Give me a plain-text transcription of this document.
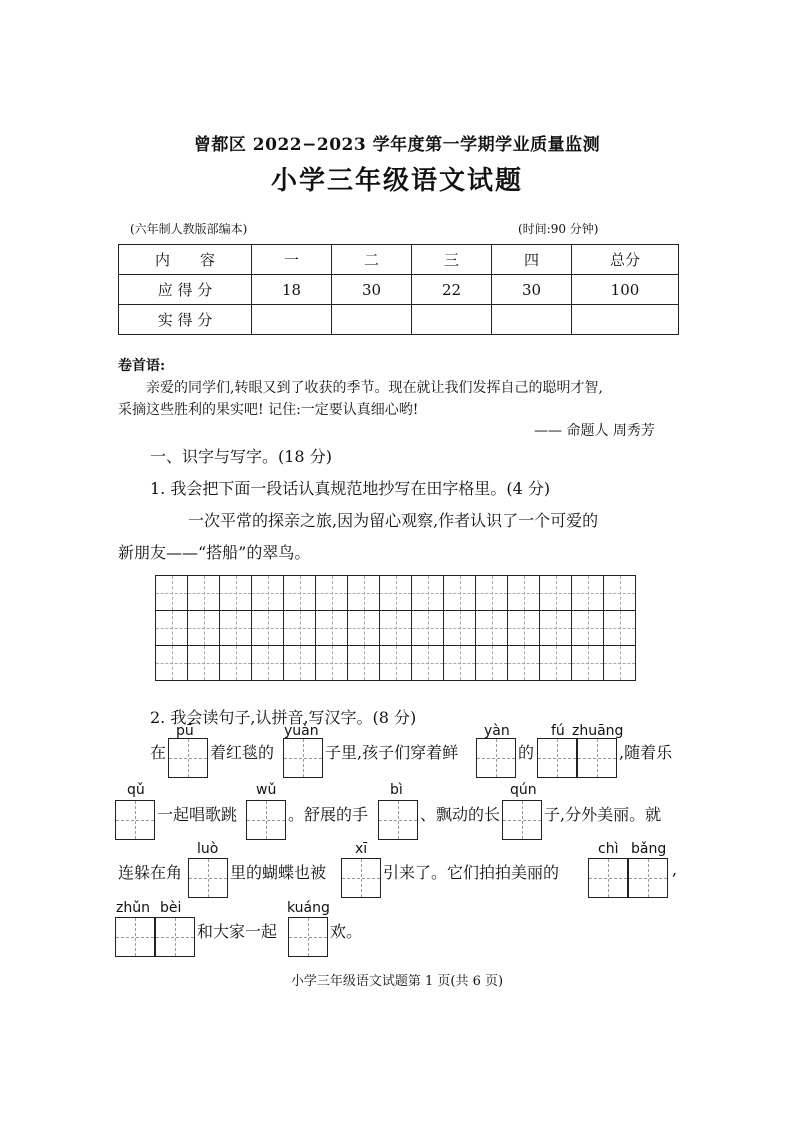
曾都区 2022−2023 学年度第一学期学业质量监测
小学三年级语文试题
(六年制人教版部编本)	(时间:90 分钟)
内　　容	一	二	三	四	总分
应 得 分	18	30	22	30	100
实 得 分					
卷首语:
亲爱的同学们,转眼又到了收获的季节。现在就让我们发挥自己的聪明才智,
采摘这些胜利的果实吧! 记住:一定要认真细心哟!
—— 命题人 周秀芳
一、识字与写字。(18 分)
1. 我会把下面一段话认真规范地抄写在田字格里。(4 分)
一次平常的探亲之旅,因为留心观察,作者认识了一个可爱的
新朋友——“搭船”的翠鸟。
2. 我会读句子,认拼音,写汉字。(8 分)
pū	yuàn	yàn	fú zhuāng
在	着红毯的	子里,孩子们穿着鲜	的	,随着乐
qǔ	wǔ	bì	qún
一起唱歌跳	。舒展的手	、飘动的长	子,分外美丽。就
luò	xī	chì bǎng
连躲在角	里的蝴蝶也被	引来了。它们拍拍美丽的	,
zhǔn bèi	kuáng
和大家一起	欢。
小学三年级语文试题第 1 页(共 6 页)
